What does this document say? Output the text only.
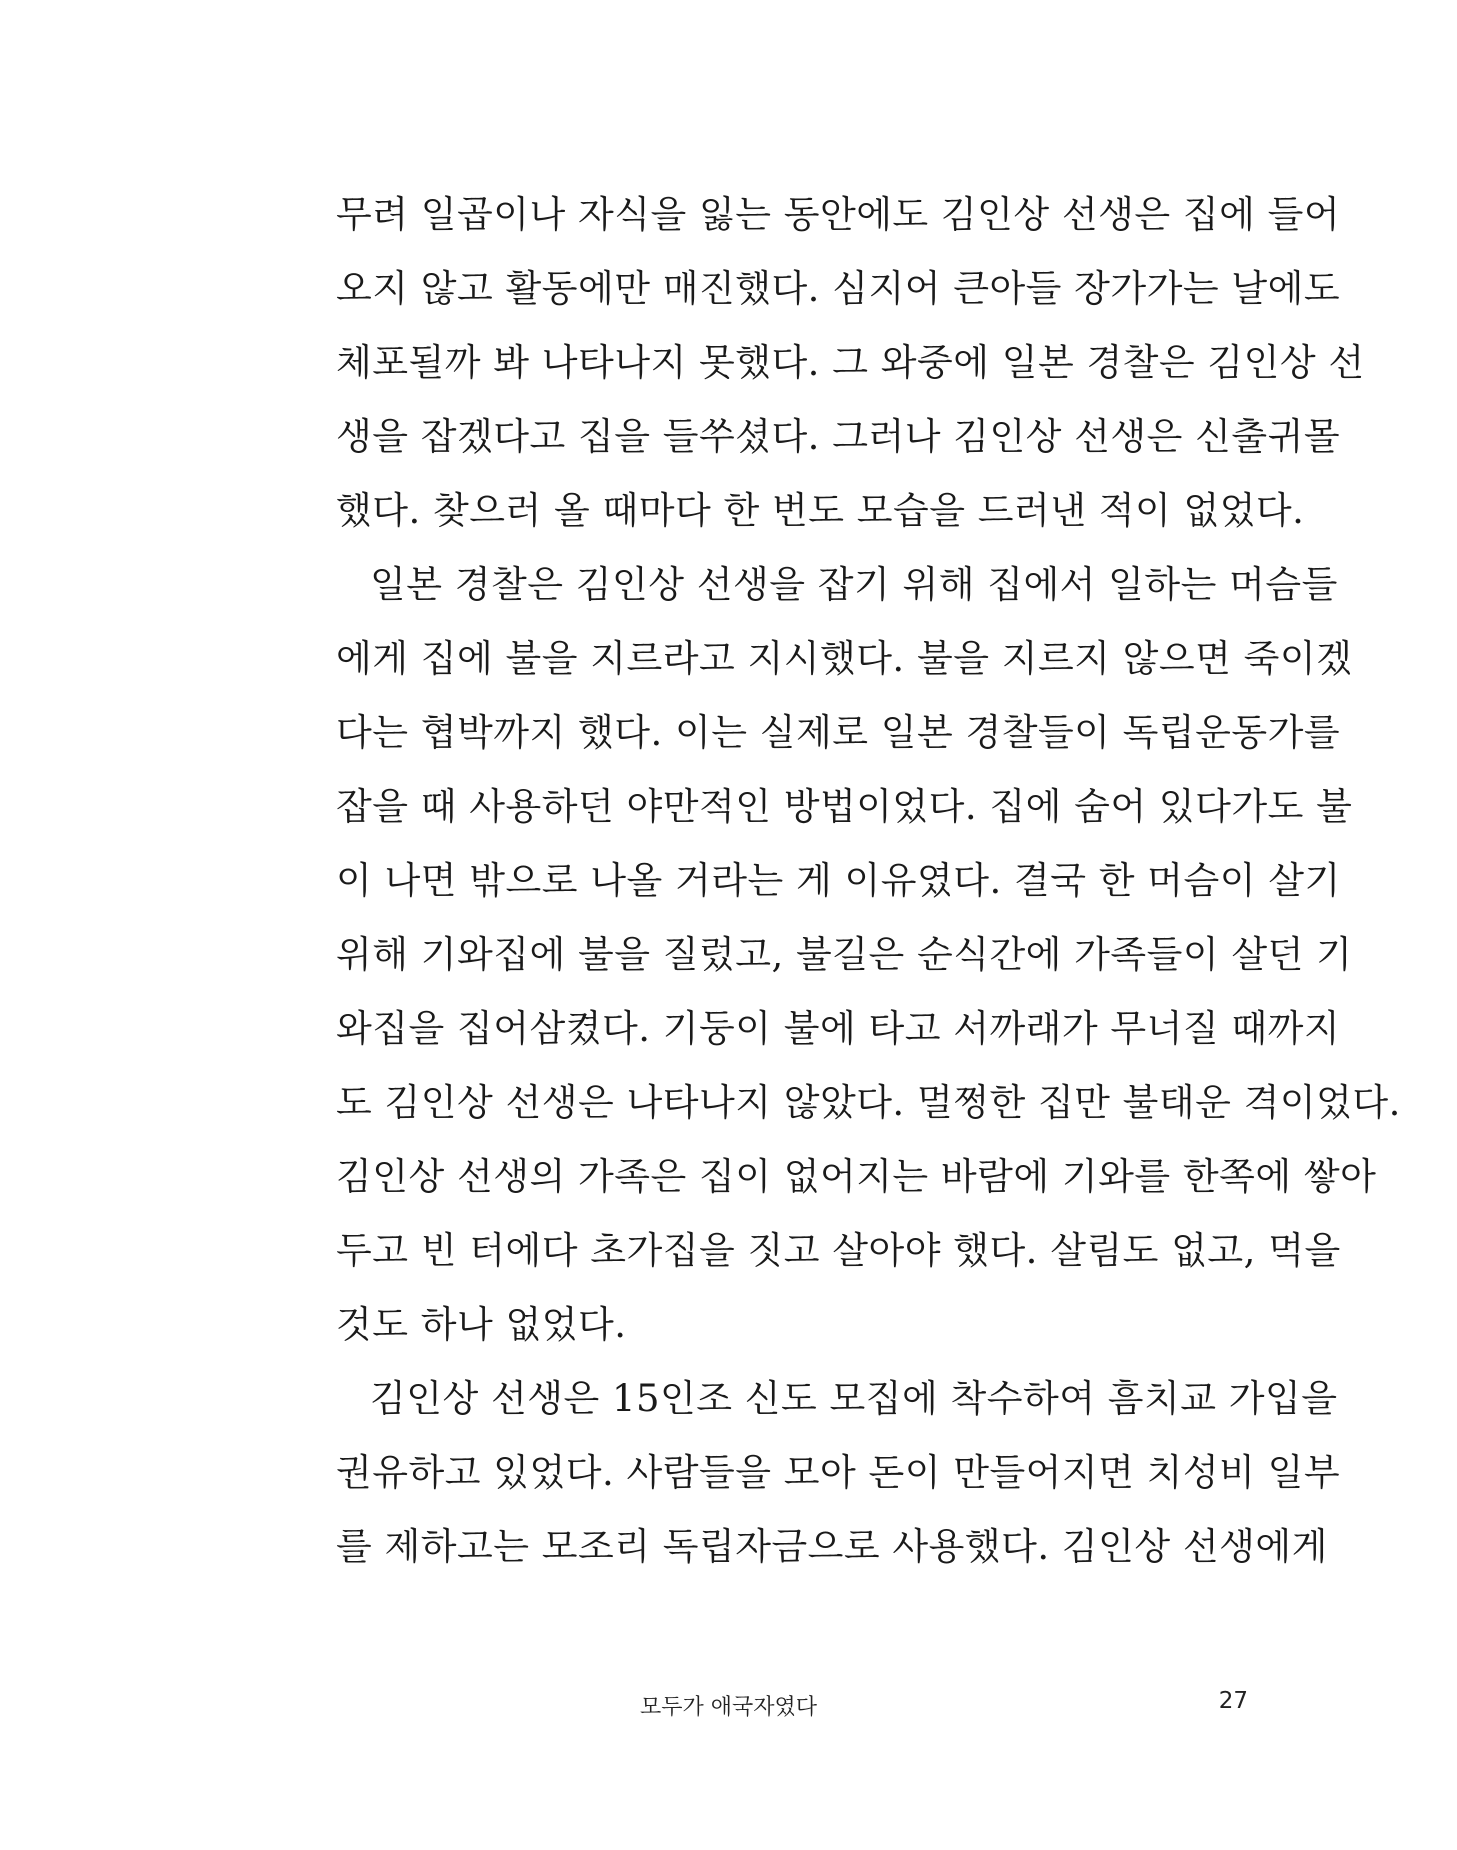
무려 일곱이나 자식을 잃는 동안에도 김인상 선생은 집에 들어
오지 않고 활동에만 매진했다. 심지어 큰아들 장가가는 날에도
체포될까 봐 나타나지 못했다. 그 와중에 일본 경찰은 김인상 선
생을 잡겠다고 집을 들쑤셨다. 그러나 김인상 선생은 신출귀몰
했다. 찾으러 올 때마다 한 번도 모습을 드러낸 적이 없었다.
일본 경찰은 김인상 선생을 잡기 위해 집에서 일하는 머슴들
에게 집에 불을 지르라고 지시했다. 불을 지르지 않으면 죽이겠
다는 협박까지 했다. 이는 실제로 일본 경찰들이 독립운동가를
잡을 때 사용하던 야만적인 방법이었다. 집에 숨어 있다가도 불
이 나면 밖으로 나올 거라는 게 이유였다. 결국 한 머슴이 살기
위해 기와집에 불을 질렀고, 불길은 순식간에 가족들이 살던 기
와집을 집어삼켰다. 기둥이 불에 타고 서까래가 무너질 때까지
도 김인상 선생은 나타나지 않았다. 멀쩡한 집만 불태운 격이었다.
김인상 선생의 가족은 집이 없어지는 바람에 기와를 한쪽에 쌓아
두고 빈 터에다 초가집을 짓고 살아야 했다. 살림도 없고, 먹을
것도 하나 없었다.
김인상 선생은 15인조 신도 모집에 착수하여 흠치교 가입을
권유하고 있었다. 사람들을 모아 돈이 만들어지면 치성비 일부
를 제하고는 모조리 독립자금으로 사용했다. 김인상 선생에게
모두가 애국자였다	27
